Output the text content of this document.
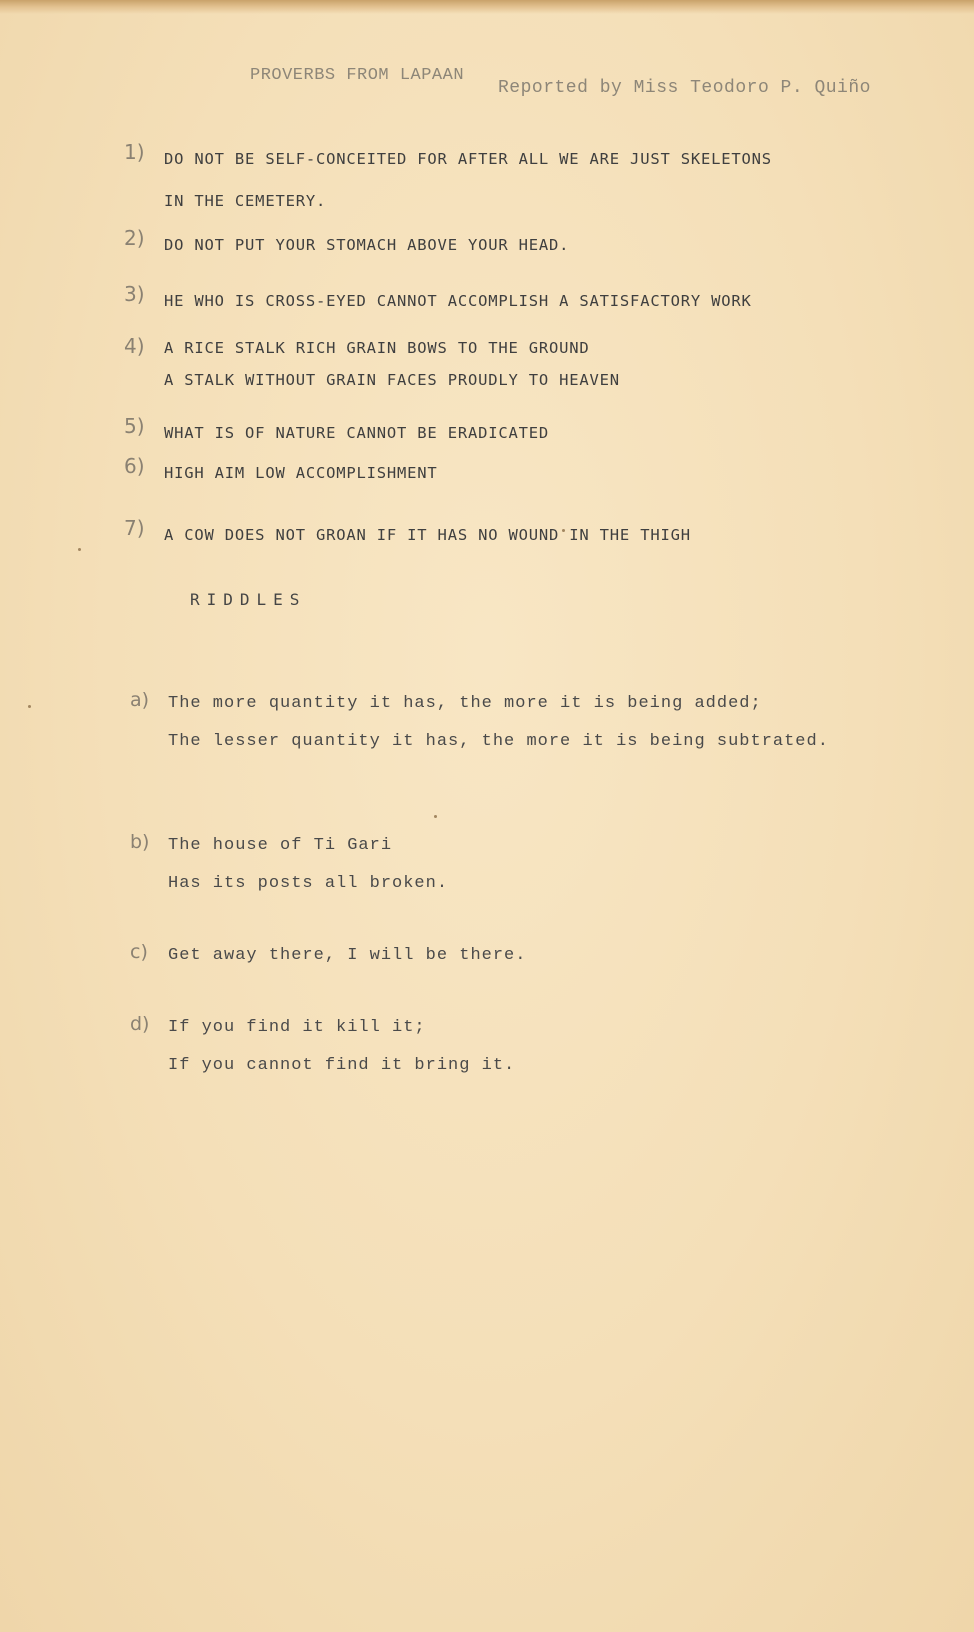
PROVERBS FROM LAPAAN
Reported by Miss Teodoro P. Quiño
1) DO NOT BE SELF-CONCEITED FOR AFTER ALL WE ARE JUST SKELETONS
IN THE CEMETERY.
2) DO NOT PUT YOUR STOMACH ABOVE YOUR HEAD.
3) HE WHO IS CROSS-EYED CANNOT ACCOMPLISH A SATISFACTORY WORK
4) A RICE STALK RICH GRAIN BOWS TO THE GROUND
A STALK WITHOUT GRAIN FACES PROUDLY TO HEAVEN
5) WHAT IS OF NATURE CANNOT BE ERADICATED
6) HIGH AIM LOW ACCOMPLISHMENT
7) A COW DOES NOT GROAN IF IT HAS NO WOUND IN THE THIGH
RIDDLES
a) The more quantity it has, the more it is being added;
The lesser quantity it has, the more it is being subtrated.
b) The house of Ti Gari
Has its posts all broken.
c) Get away there, I will be there.
d) If you find it kill it;
If you cannot find it bring it.
